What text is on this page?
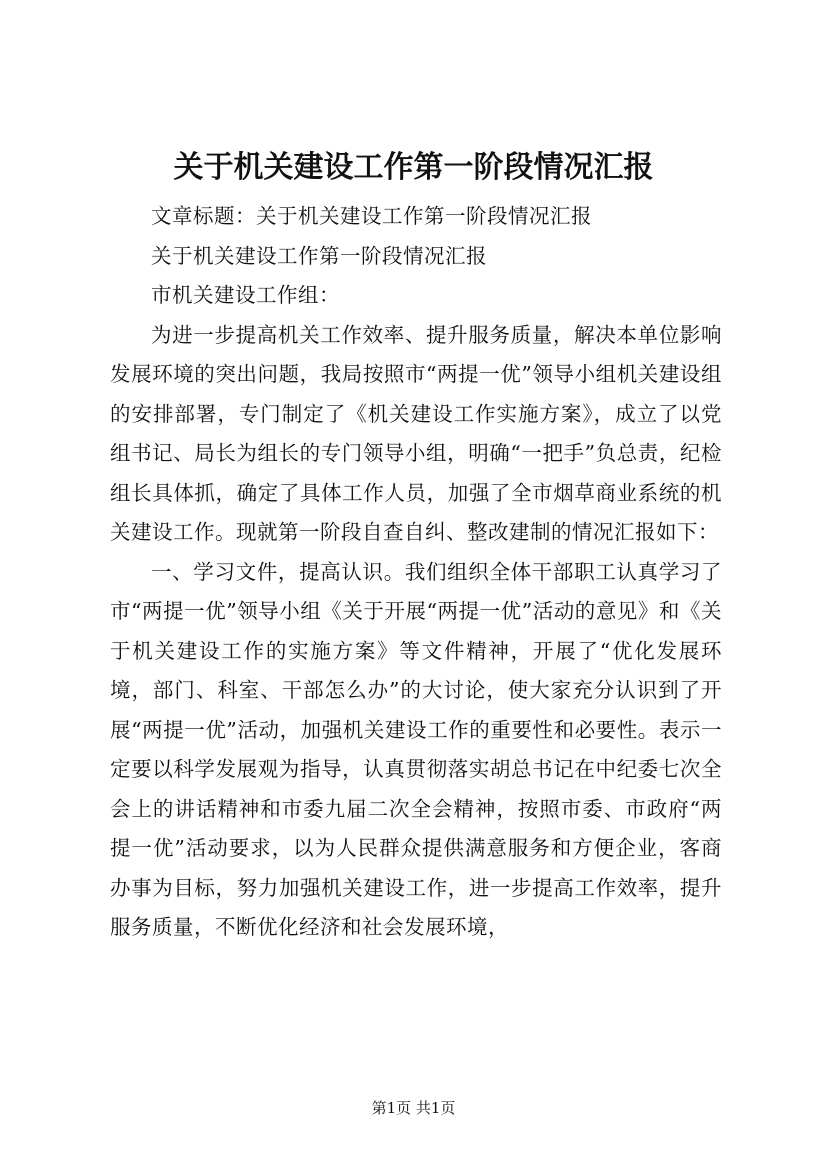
关于机关建设工作第一阶段情况汇报

文章标题：关于机关建设工作第一阶段情况汇报

关于机关建设工作第一阶段情况汇报

市机关建设工作组：

为进一步提高机关工作效率、提升服务质量，解决本单位影响发展环境的突出问题，我局按照市“两提一优”领导小组机关建设组的安排部署，专门制定了《机关建设工作实施方案》，成立了以党组书记、局长为组长的专门领导小组，明确“一把手”负总责，纪检组长具体抓，确定了具体工作人员，加强了全市烟草商业系统的机关建设工作。现就第一阶段自查自纠、整改建制的情况汇报如下：

一、学习文件，提高认识。我们组织全体干部职工认真学习了市“两提一优”领导小组《关于开展“两提一优”活动的意见》和《关于机关建设工作的实施方案》等文件精神，开展了“优化发展环境，部门、科室、干部怎么办”的大讨论，使大家充分认识到了开展“两提一优”活动，加强机关建设工作的重要性和必要性。表示一定要以科学发展观为指导，认真贯彻落实胡总书记在中纪委七次全会上的讲话精神和市委九届二次全会精神，按照市委、市政府“两提一优”活动要求，以为人民群众提供满意服务和方便企业，客商办事为目标，努力加强机关建设工作，进一步提高工作效率，提升服务质量，不断优化经济和社会发展环境，

第1页 共1页
